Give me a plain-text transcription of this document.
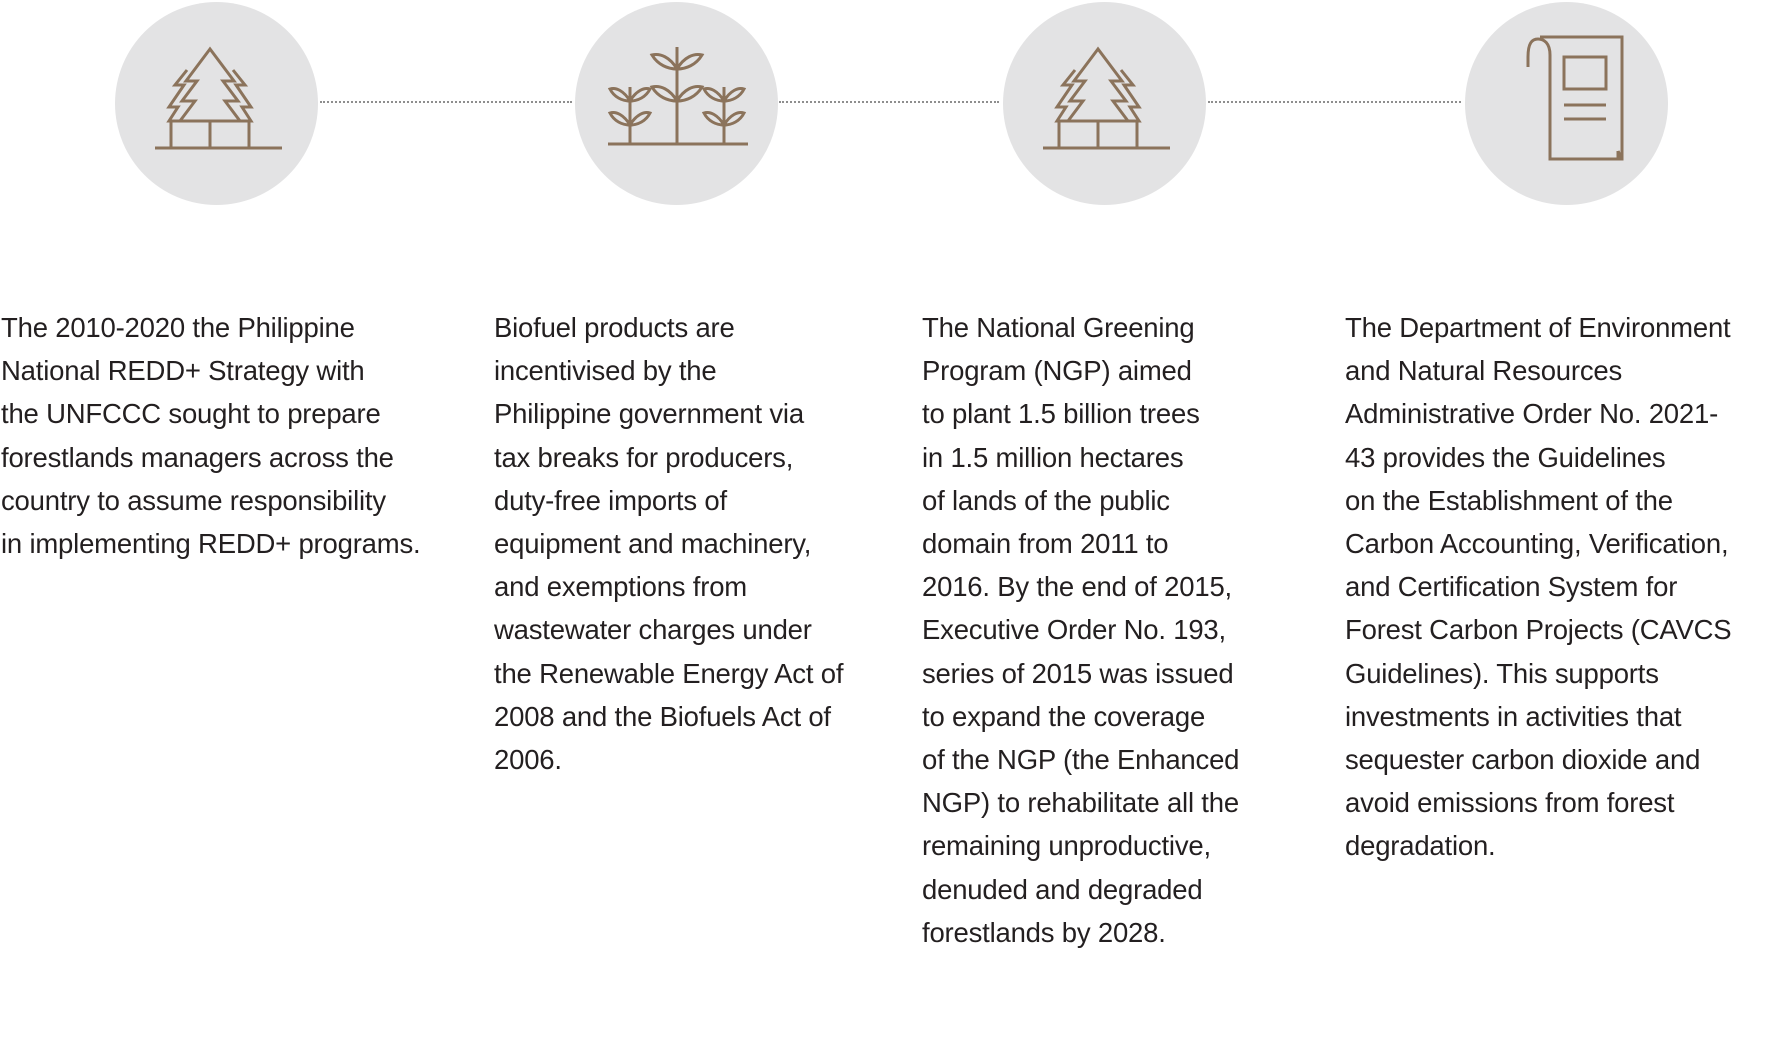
The 2010-2020 the Philippine
National REDD+ Strategy with
the UNFCCC sought to prepare
forestlands managers across the
country to assume responsibility
in implementing REDD+ programs.

Biofuel products are
incentivised by the
Philippine government via
tax breaks for producers,
duty-free imports of
equipment and machinery,
and exemptions from
wastewater charges under
the Renewable Energy Act of
2008 and the Biofuels Act of
2006.

The National Greening
Program (NGP) aimed
to plant 1.5 billion trees
in 1.5 million hectares
of lands of the public
domain from 2011 to
2016. By the end of 2015,
Executive Order No. 193,
series of 2015 was issued
to expand the coverage
of the NGP (the Enhanced
NGP) to rehabilitate all the
remaining unproductive,
denuded and degraded
forestlands by 2028.

The Department of Environment
and Natural Resources
Administrative Order No. 2021-
43 provides the Guidelines
on the Establishment of the
Carbon Accounting, Verification,
and Certification System for
Forest Carbon Projects (CAVCS
Guidelines). This supports
investments in activities that
sequester carbon dioxide and
avoid emissions from forest
degradation.
